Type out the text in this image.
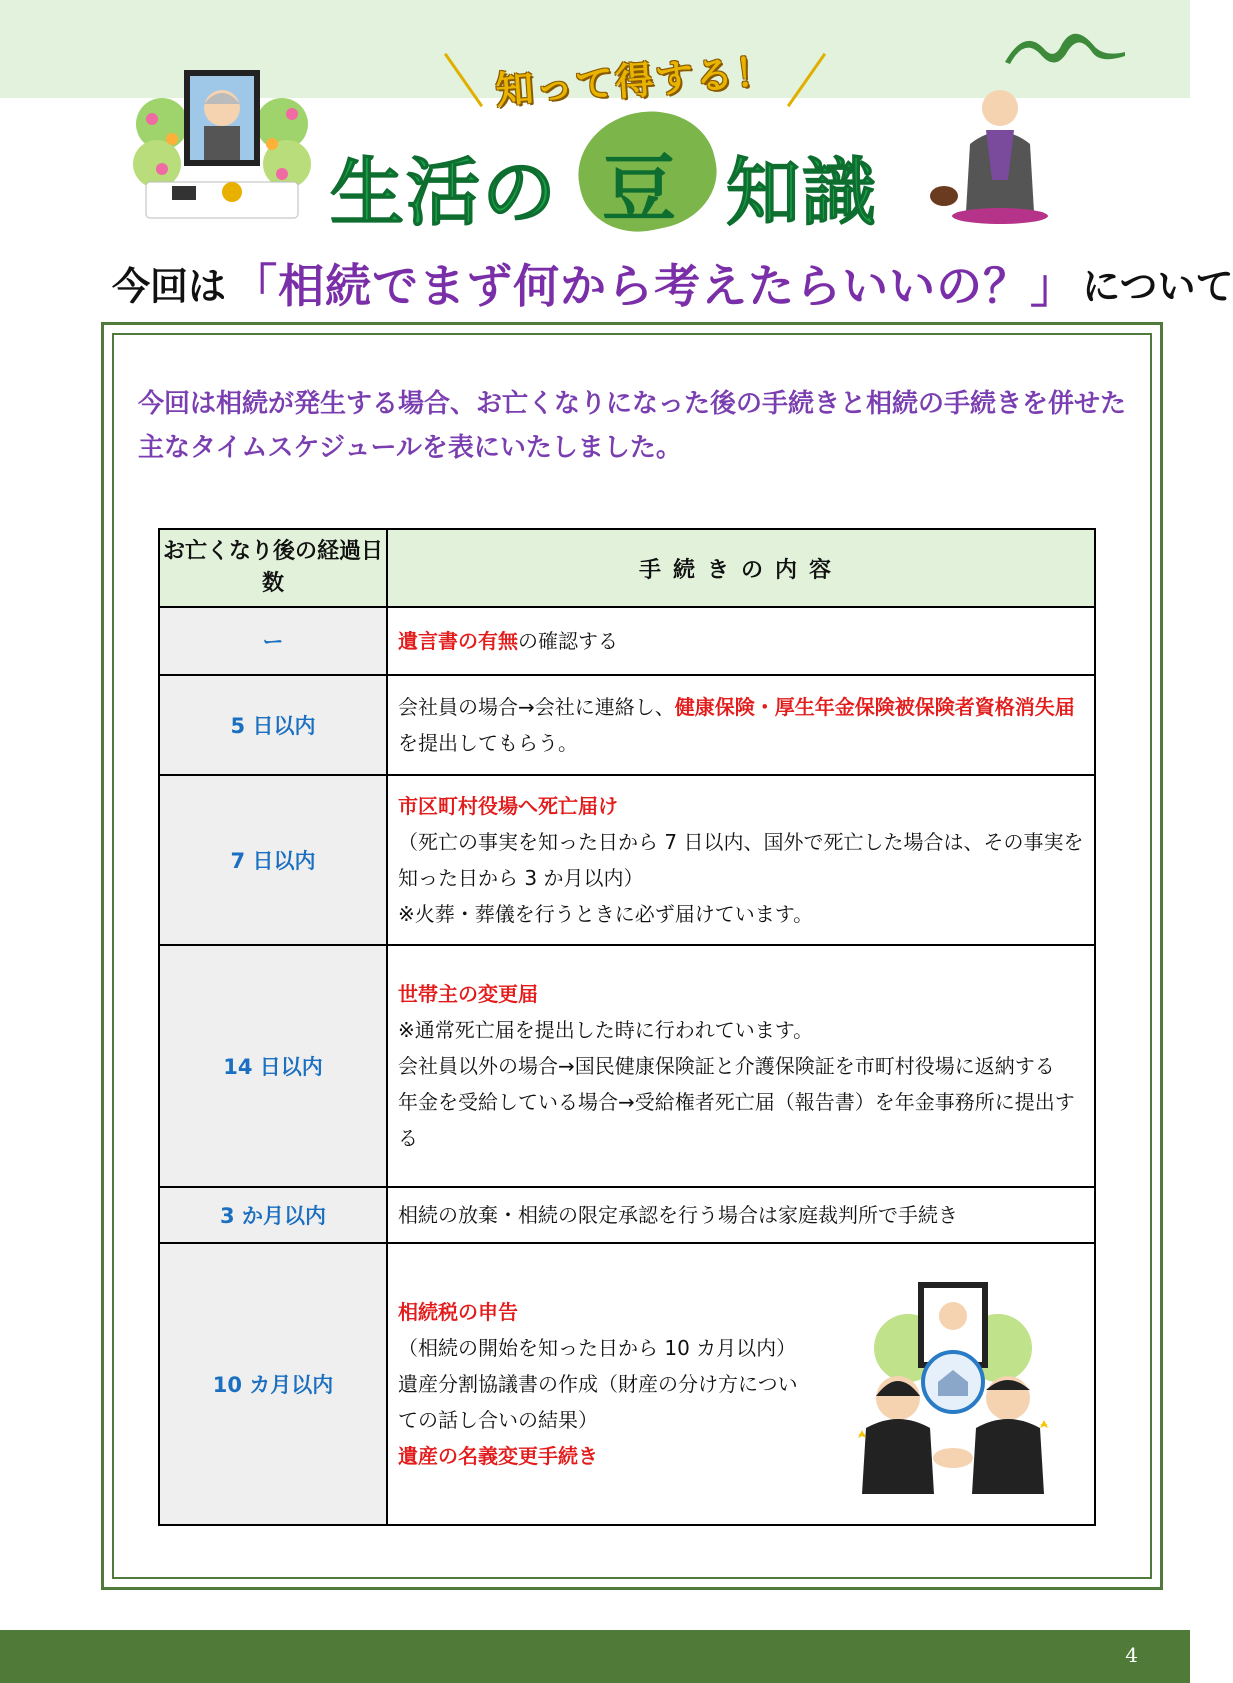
知って得する！
生活の 豆 知識
今回は 「相続でまず何から考えたらいいの？」 について
今回は相続が発生する場合、お亡くなりになった後の手続きと相続の手続きを併せた主なタイムスケジュールを表にいたしました。
お亡くなり後の経過日数	手続きの内容
ー	遺言書の有無の確認する

5 日以内	会社員の場合→会社に連絡し、健康保険・厚生年金保険被保険者資格消失届を提出してもらう。

7 日以内	市区町村役場へ死亡届け
（死亡の事実を知った日から 7 日以内、国外で死亡した場合は、その事実を知った日から 3 か月以内）
※火葬・葬儀を行うときに必ず届けています。

14 日以内	世帯主の変更届
※通常死亡届を提出した時に行われています。
会社員以外の場合→国民健康保険証と介護保険証を市町村役場に返納する
年金を受給している場合→受給権者死亡届（報告書）を年金事務所に提出する

3 か月以内	相続の放棄・相続の限定承認を行う場合は家庭裁判所で手続き

10 カ月以内	相続税の申告
（相続の開始を知った日から 10 カ月以内）
遺産分割協議書の作成（財産の分け方についての話し合いの結果）
遺産の名義変更手続き
4
